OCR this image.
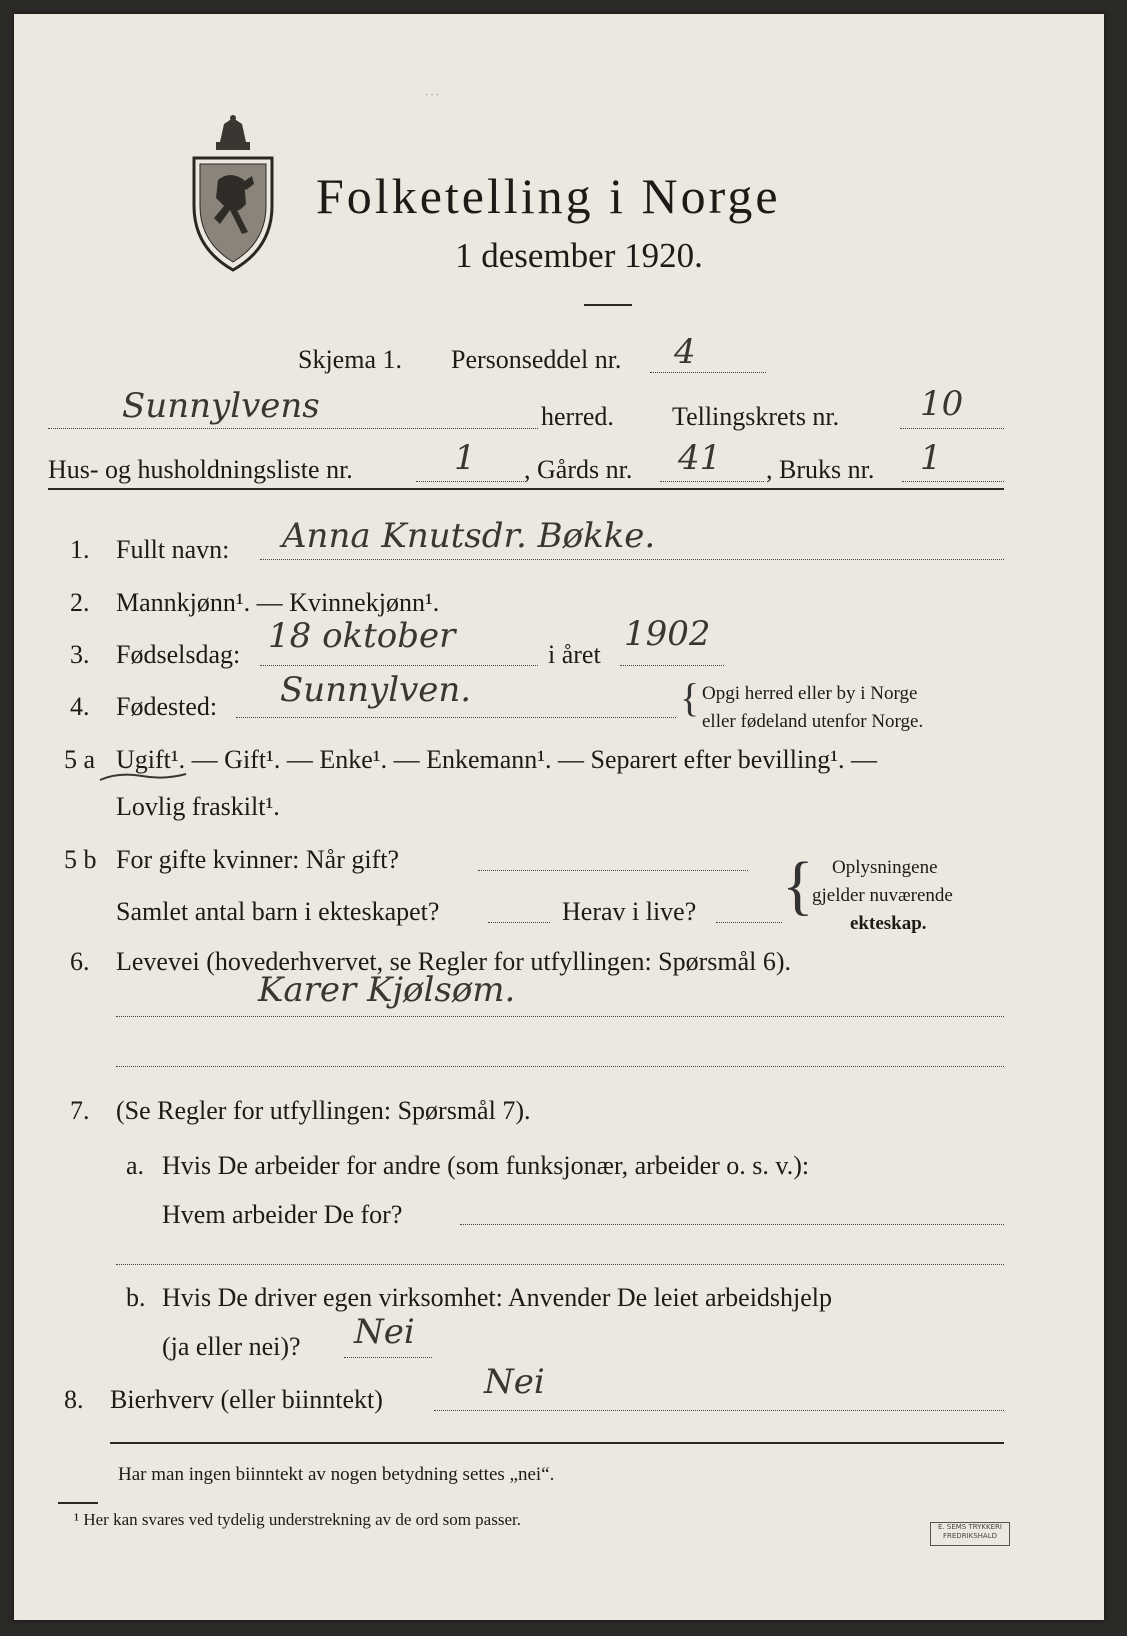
···
Folketelling i Norge
1 desember 1920.
Skjema 1. Personseddel nr. 4
Sunnylvens	herred. Tellingskrets nr. 10
Hus- og husholdningsliste nr.	1 , Gårds nr. 41 , Bruks nr. 1
1. Fullt navn: Anna Knutsdr. Bøkke.
2. Mannkjønn¹. — Kvinnekjønn¹.
3. Fødselsdag: 18 oktober	i året
1902
4. Fødested: Sunnylven.	{ Opgi herred eller by i Norge
eller fødeland utenfor Norge.
5 a Ugift¹. — Gift¹. — Enke¹. — Enkemann¹. — Separert efter bevilling¹. —
Lovlig fraskilt¹.
5 b For gifte kvinner: Når gift?
Samlet antal barn i ekteskapet?	Herav i live? { Oplysningene
gjelder nuværende
ekteskap.
6. Levevei (hovederhvervet, se Regler for utfyllingen: Spørsmål 6).
Karer Kjølsøm.
7. (Se Regler for utfyllingen: Spørsmål 7).
a. Hvis De arbeider for andre (som funksjonær, arbeider o. s. v.):
Hvem arbeider De for?
b. Hvis De driver egen virksomhet: Anvender De leiet arbeidshjelp
(ja eller nei)? Nei
8. Bierhverv (eller biinntekt)	Nei
Har man ingen biinntekt av nogen betydning settes „nei“.
¹ Her kan svares ved tydelig understrekning av de ord som passer.	E. SEMS TRYKKERI FREDRIKSHALD
